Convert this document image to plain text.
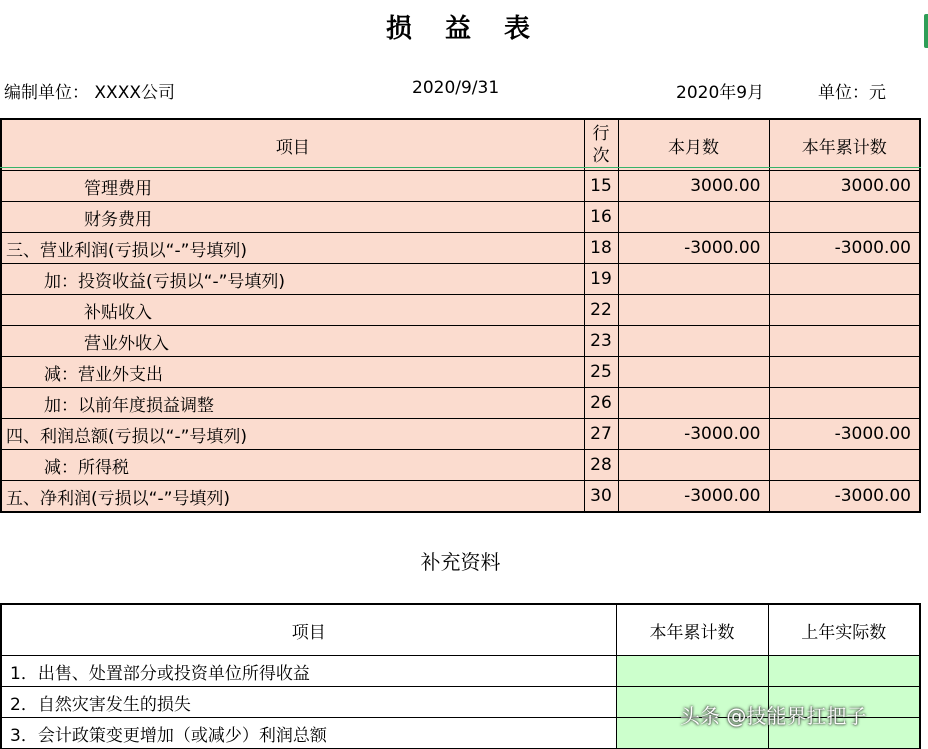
损 益 表
编制单位： XXXX公司	2020/9/31	2020年9月	单位：元
项目	行次	本月数	本年累计数
管理费用	15	3000.00	3000.00
财务费用	16		
三、营业利润(亏损以“-”号填列)	18	-3000.00	-3000.00
加：投资收益(亏损以“-”号填列)	19		
补贴收入	22		
营业外收入	23		
减：营业外支出	25		
加：以前年度损益调整	26		
四、利润总额(亏损以“-”号填列)	27	-3000.00	-3000.00
减：所得税	28		
五、净利润(亏损以“-”号填列)	30	-3000.00	-3000.00
补充资料
项目	本年累计数	上年实际数
1．出售、处置部分或投资单位所得收益		
2．自然灾害发生的损失		
3．会计政策变更增加（或减少）利润总额		
头条 @技能界扛把子
